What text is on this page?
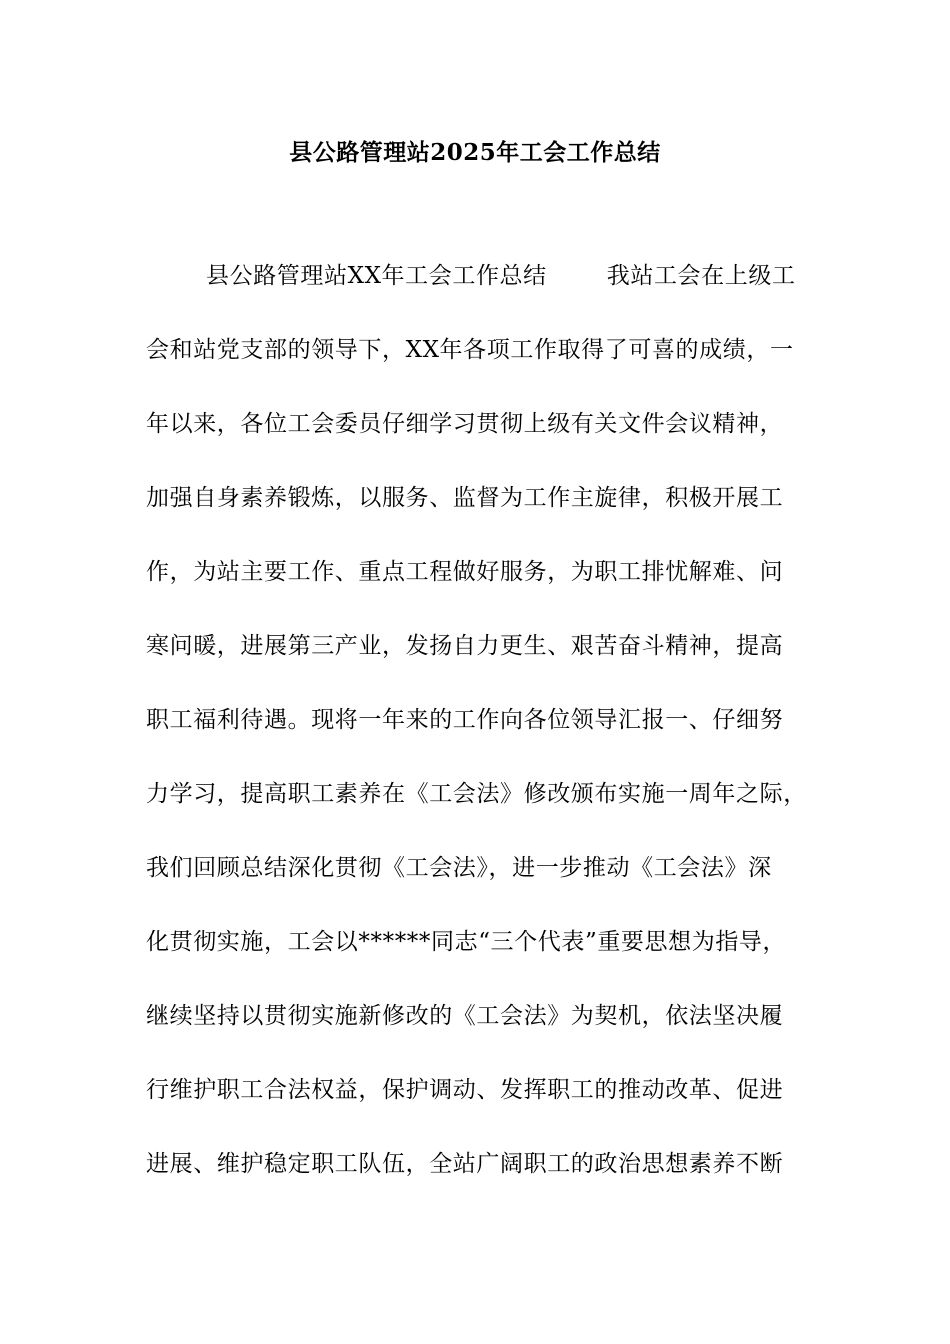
县公路管理站2025年工会工作总结
县公路管理站XX年工会工作总结	我站工会在上级工
会和站党支部的领导下，XX年各项工作取得了可喜的成绩，一
年以来，各位工会委员仔细学习贯彻上级有关文件会议精神，
加强自身素养锻炼，以服务、监督为工作主旋律，积极开展工
作，为站主要工作、重点工程做好服务，为职工排忧解难、问
寒问暖，进展第三产业，发扬自力更生、艰苦奋斗精神，提高
职工福利待遇。现将一年来的工作向各位领导汇报一、仔细努
力学习，提高职工素养在《工会法》修改颁布实施一周年之际，
我们回顾总结深化贯彻《工会法》，进一步推动《工会法》深
化贯彻实施，工会以******同志“三个代表”重要思想为指导，
继续坚持以贯彻实施新修改的《工会法》为契机，依法坚决履
行维护职工合法权益，保护调动、发挥职工的推动改革、促进
进展、维护稳定职工队伍，全站广阔职工的政治思想素养不断
